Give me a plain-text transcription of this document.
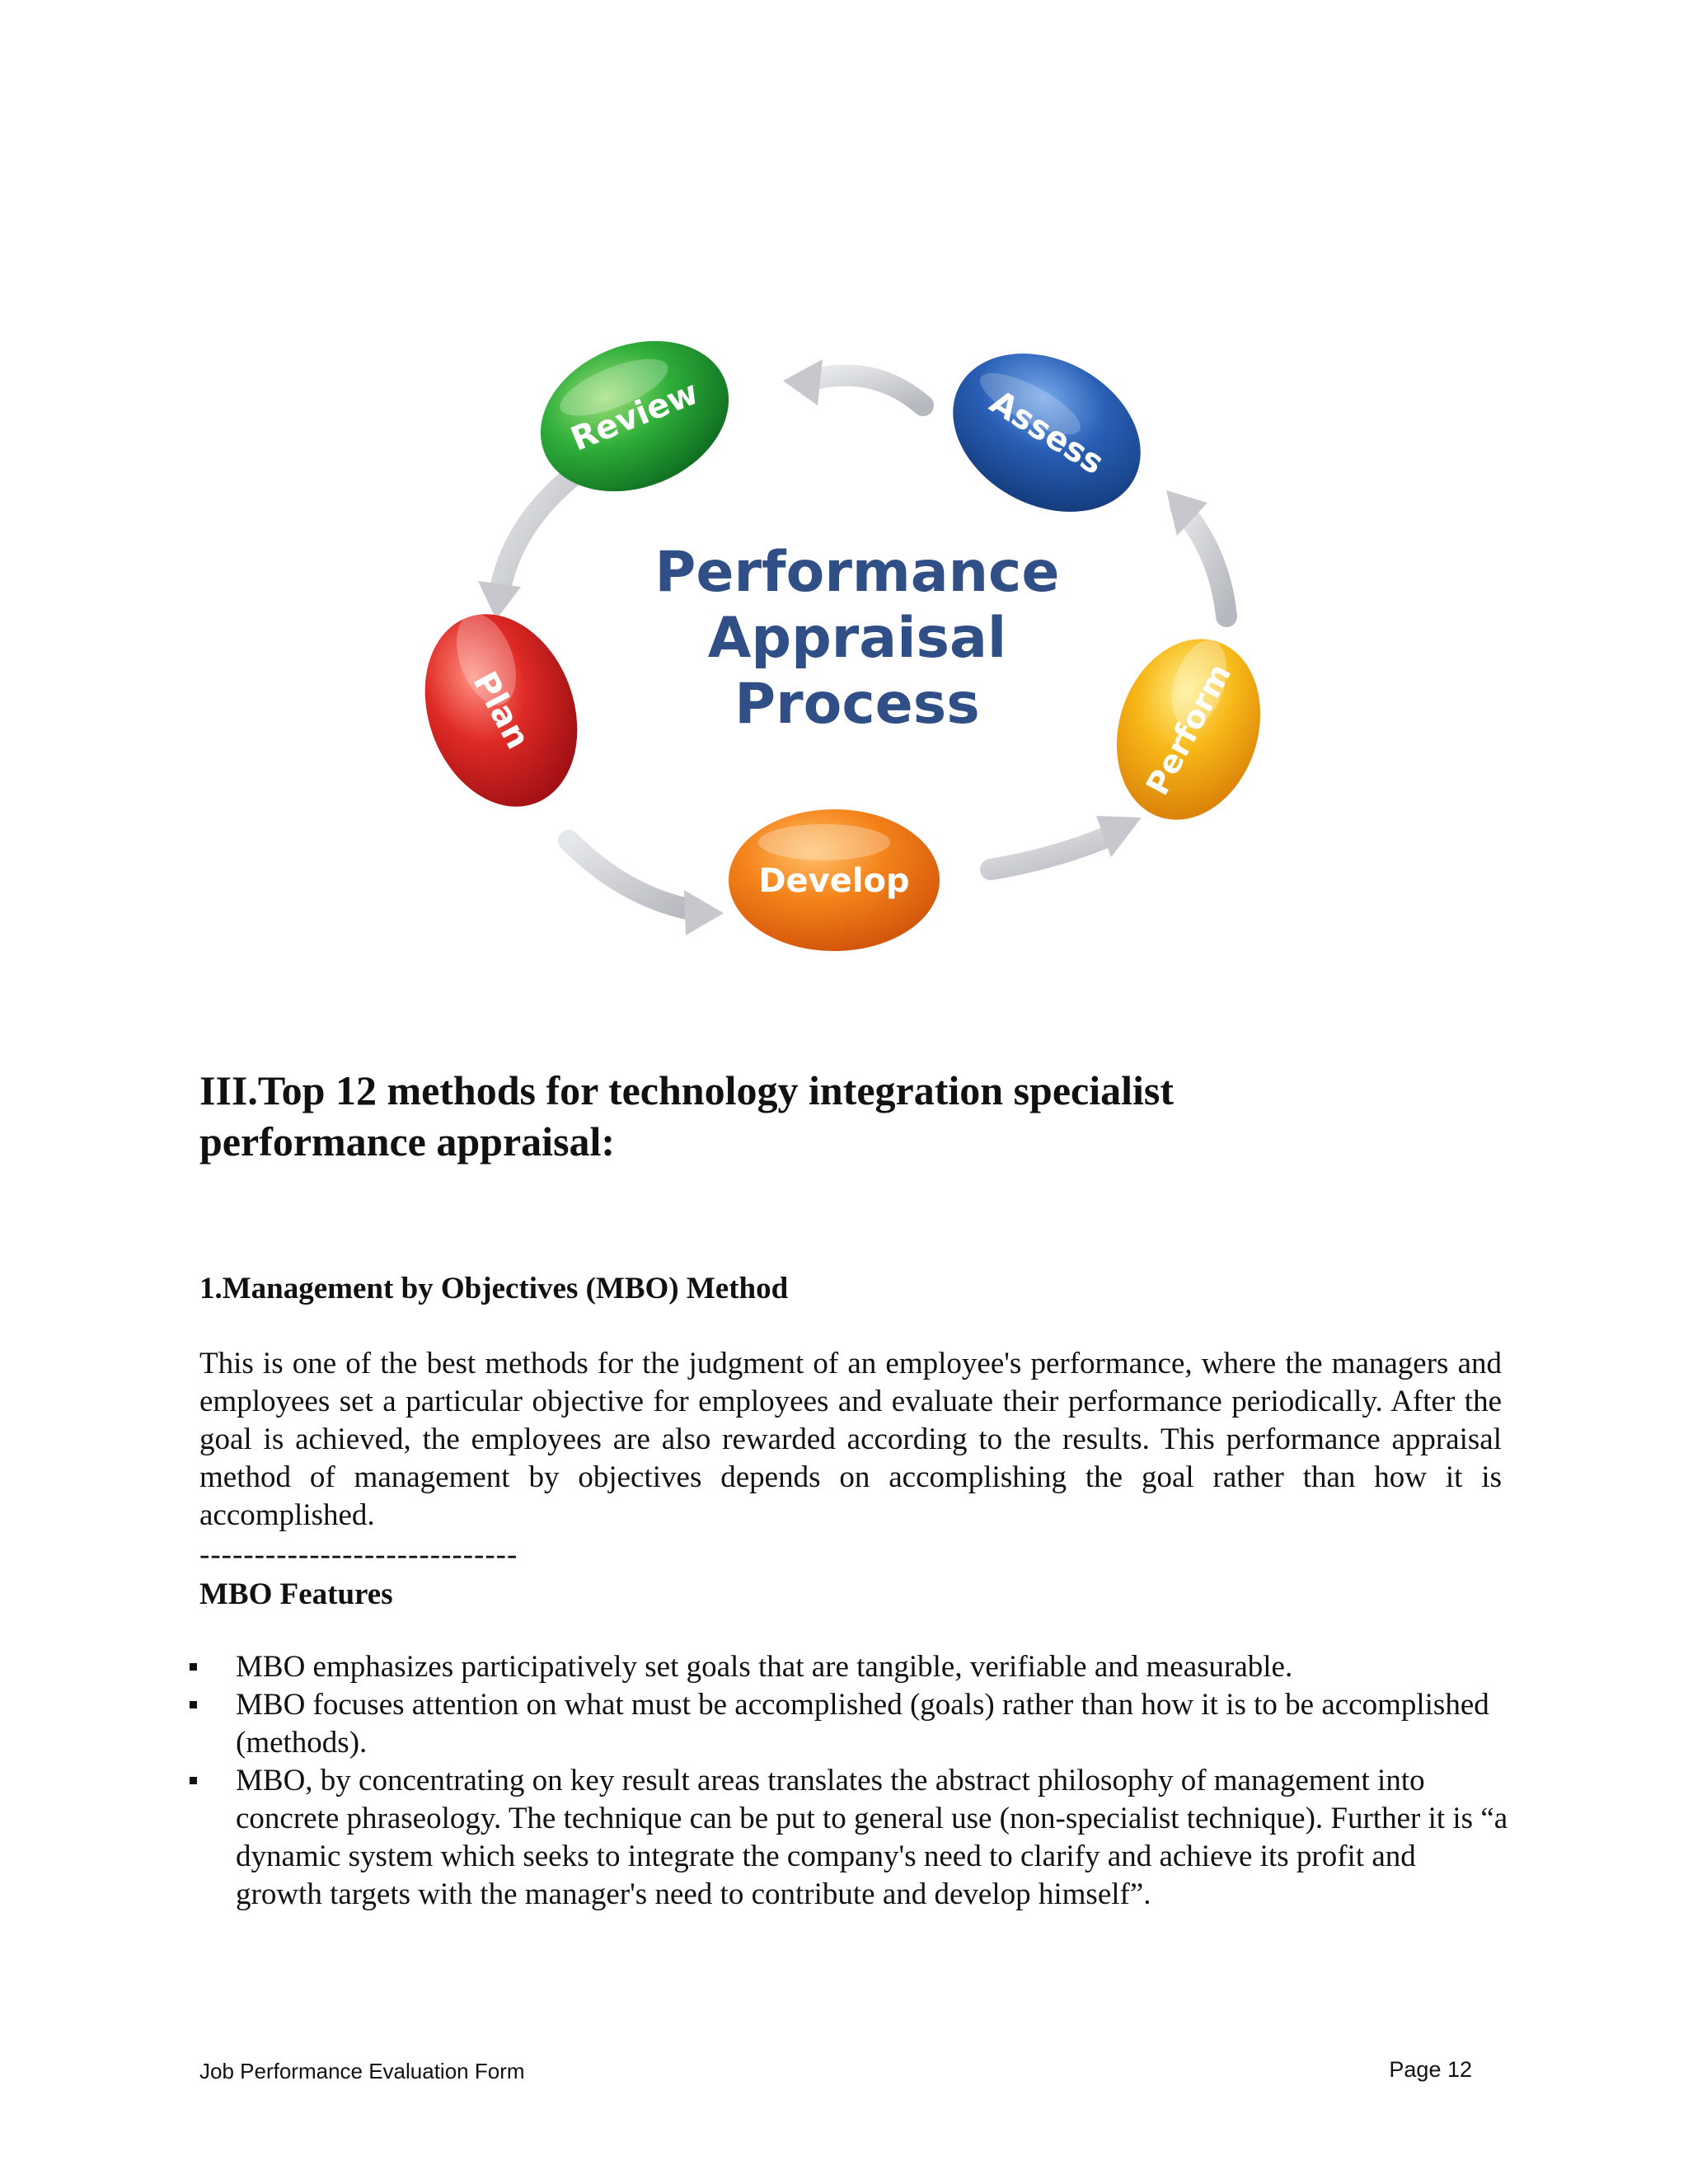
Review	Assess
Perform
Develop
Plan
Performance
Appraisal
Process
III.Top 12 methods for technology integration specialist
performance appraisal:
1.Management by Objectives (MBO) Method

This is one of the best methods for the judgment of an employee's performance, where the managers and employees set a particular objective for employees and evaluate their performance periodically. After the goal is achieved, the employees are also rewarded according to the results. This performance appraisal method of management by objectives depends on accomplishing the goal rather than how it is accomplished.

-----------------------------
MBO Features
MBO emphasizes participatively set goals that are tangible, verifiable and measurable.
MBO focuses attention on what must be accomplished (goals) rather than how it is to be accomplished (methods).
MBO, by concentrating on key result areas translates the abstract philosophy of management into concrete phraseology. The technique can be put to general use (non-specialist technique). Further it is “a dynamic system which seeks to integrate the company's need to clarify and achieve its profit and growth targets with the manager's need to contribute and develop himself”.
Job Performance Evaluation Form	Page 12
